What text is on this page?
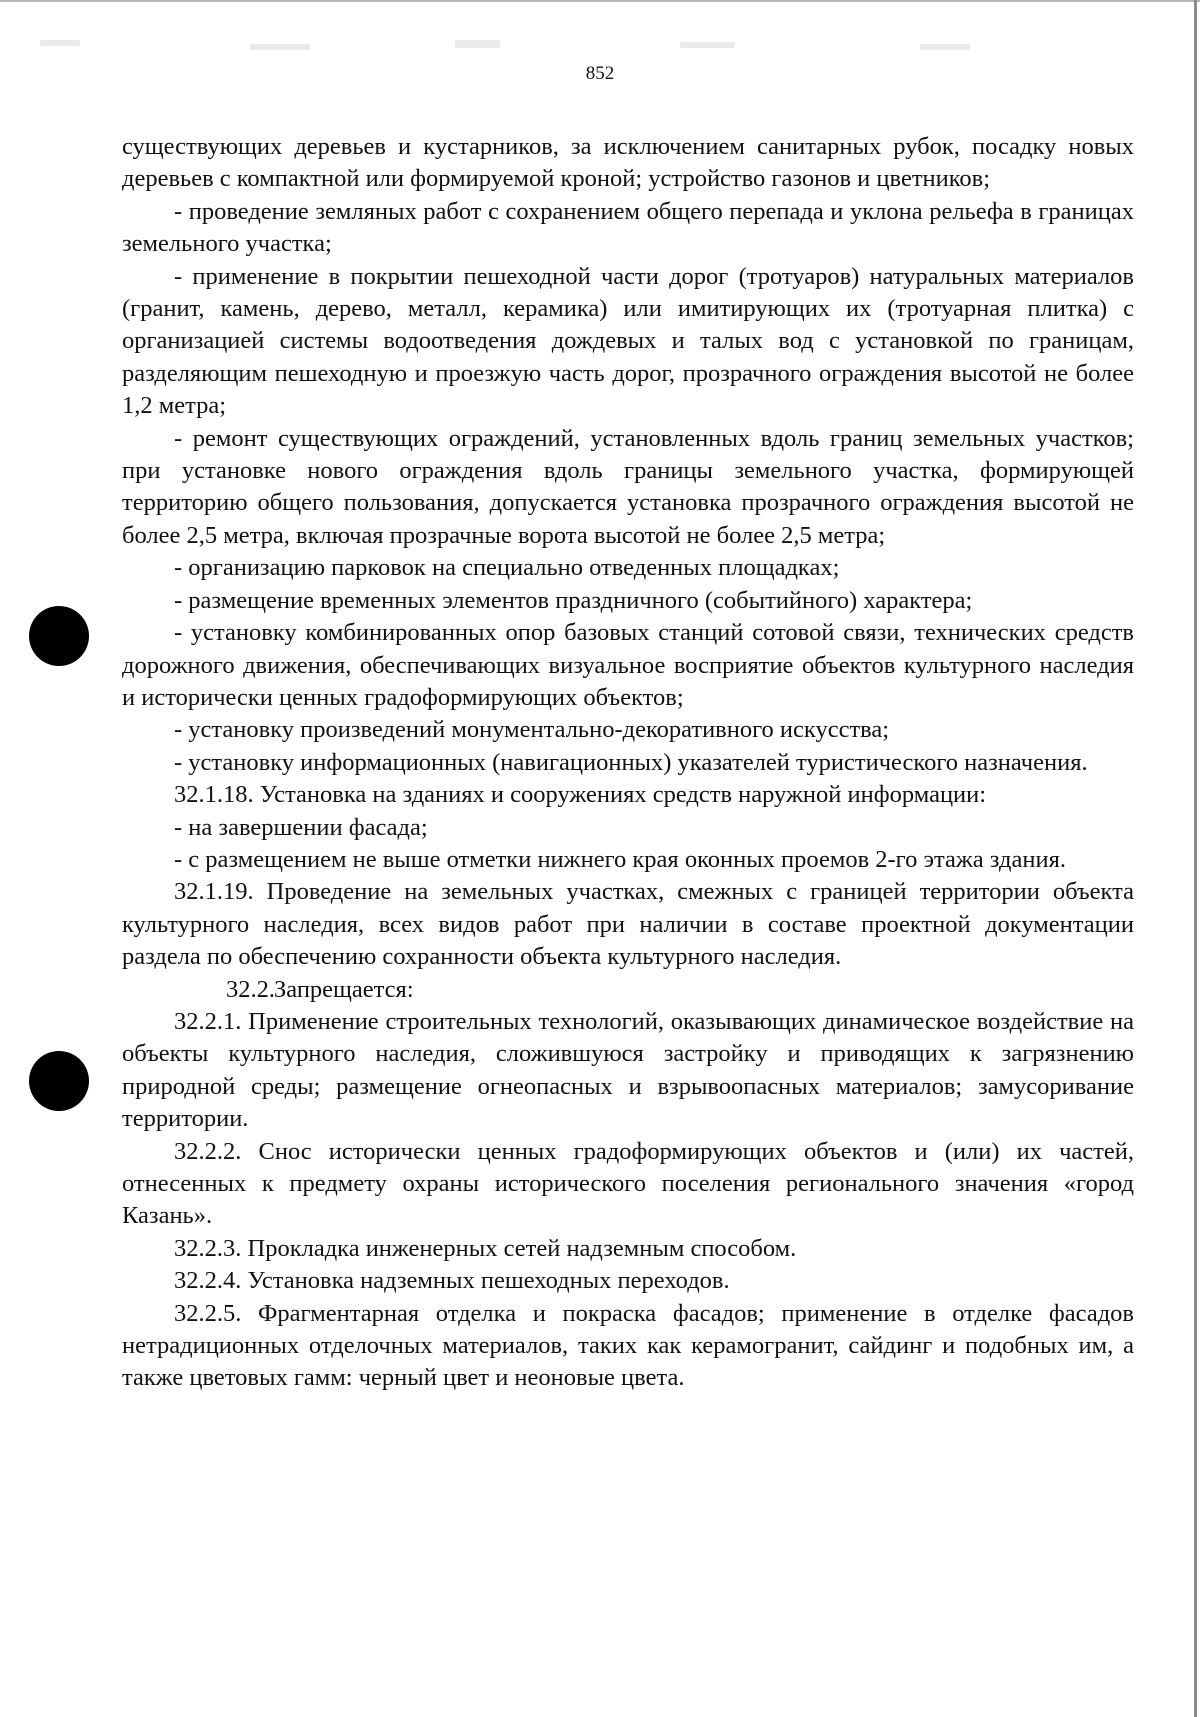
852

существующих деревьев и кустарников, за исключением санитарных рубок, посадку новых деревьев с компактной или формируемой кроной; устройство газонов и цветников;

- проведение земляных работ с сохранением общего перепада и уклона рельефа в границах земельного участка;

- применение в покрытии пешеходной части дорог (тротуаров) натуральных материалов (гранит, камень, дерево, металл, керамика) или имитирующих их (тротуарная плитка) с организацией системы водоотведения дождевых и талых вод с установкой по границам, разделяющим пешеходную и проезжую часть дорог, прозрачного ограждения высотой не более 1,2 метра;

- ремонт существующих ограждений, установленных вдоль границ земельных участков; при установке нового ограждения вдоль границы земельного участка, формирующей территорию общего пользования, допускается установка прозрачного ограждения высотой не более 2,5 метра, включая прозрачные ворота высотой не более 2,5 метра;

- организацию парковок на специально отведенных площадках;

- размещение временных элементов праздничного (событийного) характера;

- установку комбинированных опор базовых станций сотовой связи, технических средств дорожного движения, обеспечивающих визуальное восприятие объектов культурного наследия и исторически ценных градоформирующих объектов;

- установку произведений монументально-декоративного искусства;

- установку информационных (навигационных) указателей туристического назначения.

32.1.18. Установка на зданиях и сооружениях средств наружной информации:

- на завершении фасада;

- с размещением не выше отметки нижнего края оконных проемов 2-го этажа здания.

32.1.19. Проведение на земельных участках, смежных с границей территории объекта культурного наследия, всех видов работ при наличии в составе проектной документации раздела по обеспечению сохранности объекта культурного наследия.

32.2.Запрещается:

32.2.1. Применение строительных технологий, оказывающих динамическое воздействие на объекты культурного наследия, сложившуюся застройку и приводящих к загрязнению природной среды; размещение огнеопасных и взрывоопасных материалов; замусоривание территории.

32.2.2. Снос исторически ценных градоформирующих объектов и (или) их частей, отнесенных к предмету охраны исторического поселения регионального значения «город Казань».

32.2.3. Прокладка инженерных сетей надземным способом.

32.2.4. Установка надземных пешеходных переходов.

32.2.5. Фрагментарная отделка и покраска фасадов; применение в отделке фасадов нетрадиционных отделочных материалов, таких как керамогранит, сайдинг и подобных им, а также цветовых гамм: черный цвет и неоновые цвета.
